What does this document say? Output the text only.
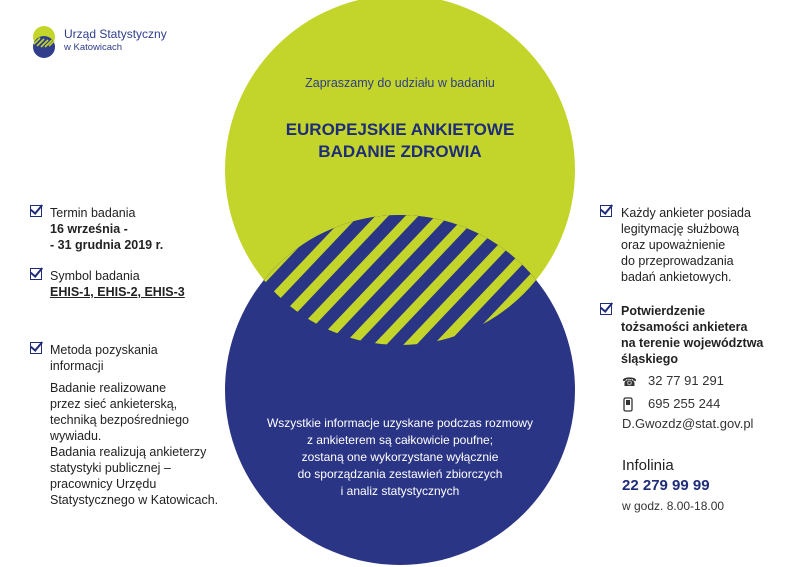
Urząd Statystyczny
w Katowicach
Zapraszamy do udziału w badaniu
EUROPEJSKIE ANKIETOWE
BADANIE ZDROWIA
Wszystkie informacje uzyskane podczas rozmowy
z ankieterem są całkowicie poufne;
zostaną one wykorzystane wyłącznie
do sporządzania zestawień zbiorczych
i analiz statystycznych
Termin badania
16 września -
- 31 grudnia 2019 r.
Symbol badania
EHIS-1, EHIS-2, EHIS-3
Metoda pozyskania
informacji
Badanie realizowane
przez sieć ankieterską,
techniką bezpośredniego
wywiadu.
Badania realizują ankieterzy
statystyki publicznej –
pracownicy Urzędu
Statystycznego w Katowicach.
Każdy ankieter posiada
legitymację służbową
oraz upoważnienie
do przeprowadzania
badań ankietowych.
Potwierdzenie
tożsamości ankietera
na terenie województwa
śląskiego
☎ 32 77 91 291
695 255 244
D.Gwozdz@stat.gov.pl
Infolinia
22 279 99 99
w godz. 8.00-18.00
